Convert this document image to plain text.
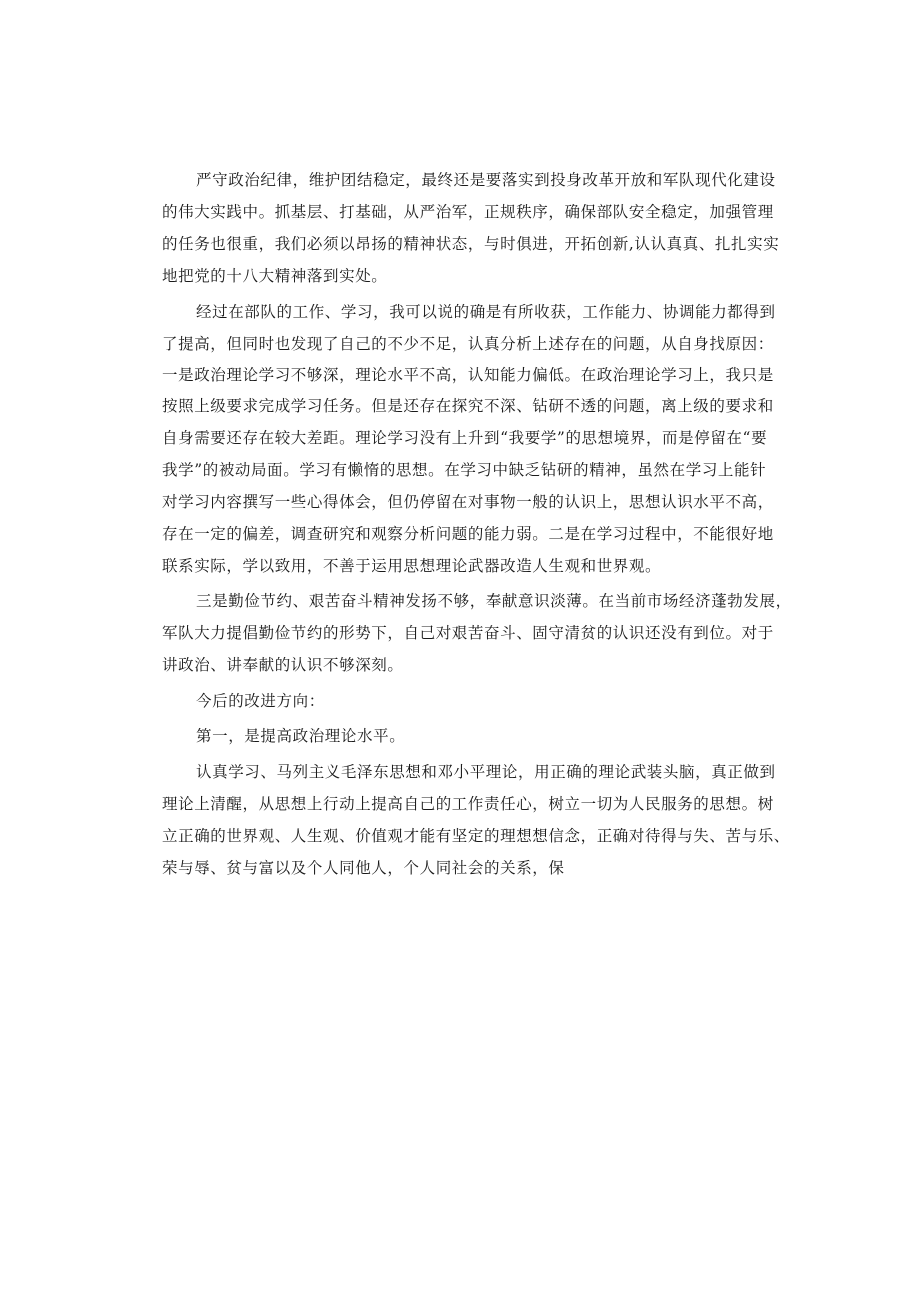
严守政治纪律，维护团结稳定，最终还是要落实到投身改革开放和军队现代化建设
的伟大实践中。抓基层、打基础，从严治军，正规秩序，确保部队安全稳定，加强管理
的任务也很重，我们必须以昂扬的精神状态，与时俱进，开拓创新,认认真真、扎扎实实
地把党的十八大精神落到实处。
经过在部队的工作、学习，我可以说的确是有所收获，工作能力、协调能力都得到
了提高，但同时也发现了自己的不少不足，认真分析上述存在的问题，从自身找原因：
一是政治理论学习不够深，理论水平不高，认知能力偏低。在政治理论学习上，我只是
按照上级要求完成学习任务。但是还存在探究不深、钻研不透的问题，离上级的要求和
自身需要还存在较大差距。理论学习没有上升到“我要学”的思想境界，而是停留在“要
我学”的被动局面。学习有懒惰的思想。在学习中缺乏钻研的精神，虽然在学习上能针
对学习内容撰写一些心得体会，但仍停留在对事物一般的认识上，思想认识水平不高，
存在一定的偏差，调查研究和观察分析问题的能力弱。二是在学习过程中，不能很好地
联系实际，学以致用，不善于运用思想理论武器改造人生观和世界观。
三是勤俭节约、艰苦奋斗精神发扬不够，奉献意识淡薄。在当前市场经济蓬勃发展，
军队大力提倡勤俭节约的形势下，自己对艰苦奋斗、固守清贫的认识还没有到位。对于
讲政治、讲奉献的认识不够深刻。
今后的改进方向：
第一，是提高政治理论水平。
认真学习、马列主义毛泽东思想和邓小平理论，用正确的理论武装头脑，真正做到
理论上清醒，从思想上行动上提高自己的工作责任心，树立一切为人民服务的思想。树
立正确的世界观、人生观、价值观才能有坚定的理想想信念，正确对待得与失、苦与乐、
荣与辱、贫与富以及个人同他人，个人同社会的关系，保
